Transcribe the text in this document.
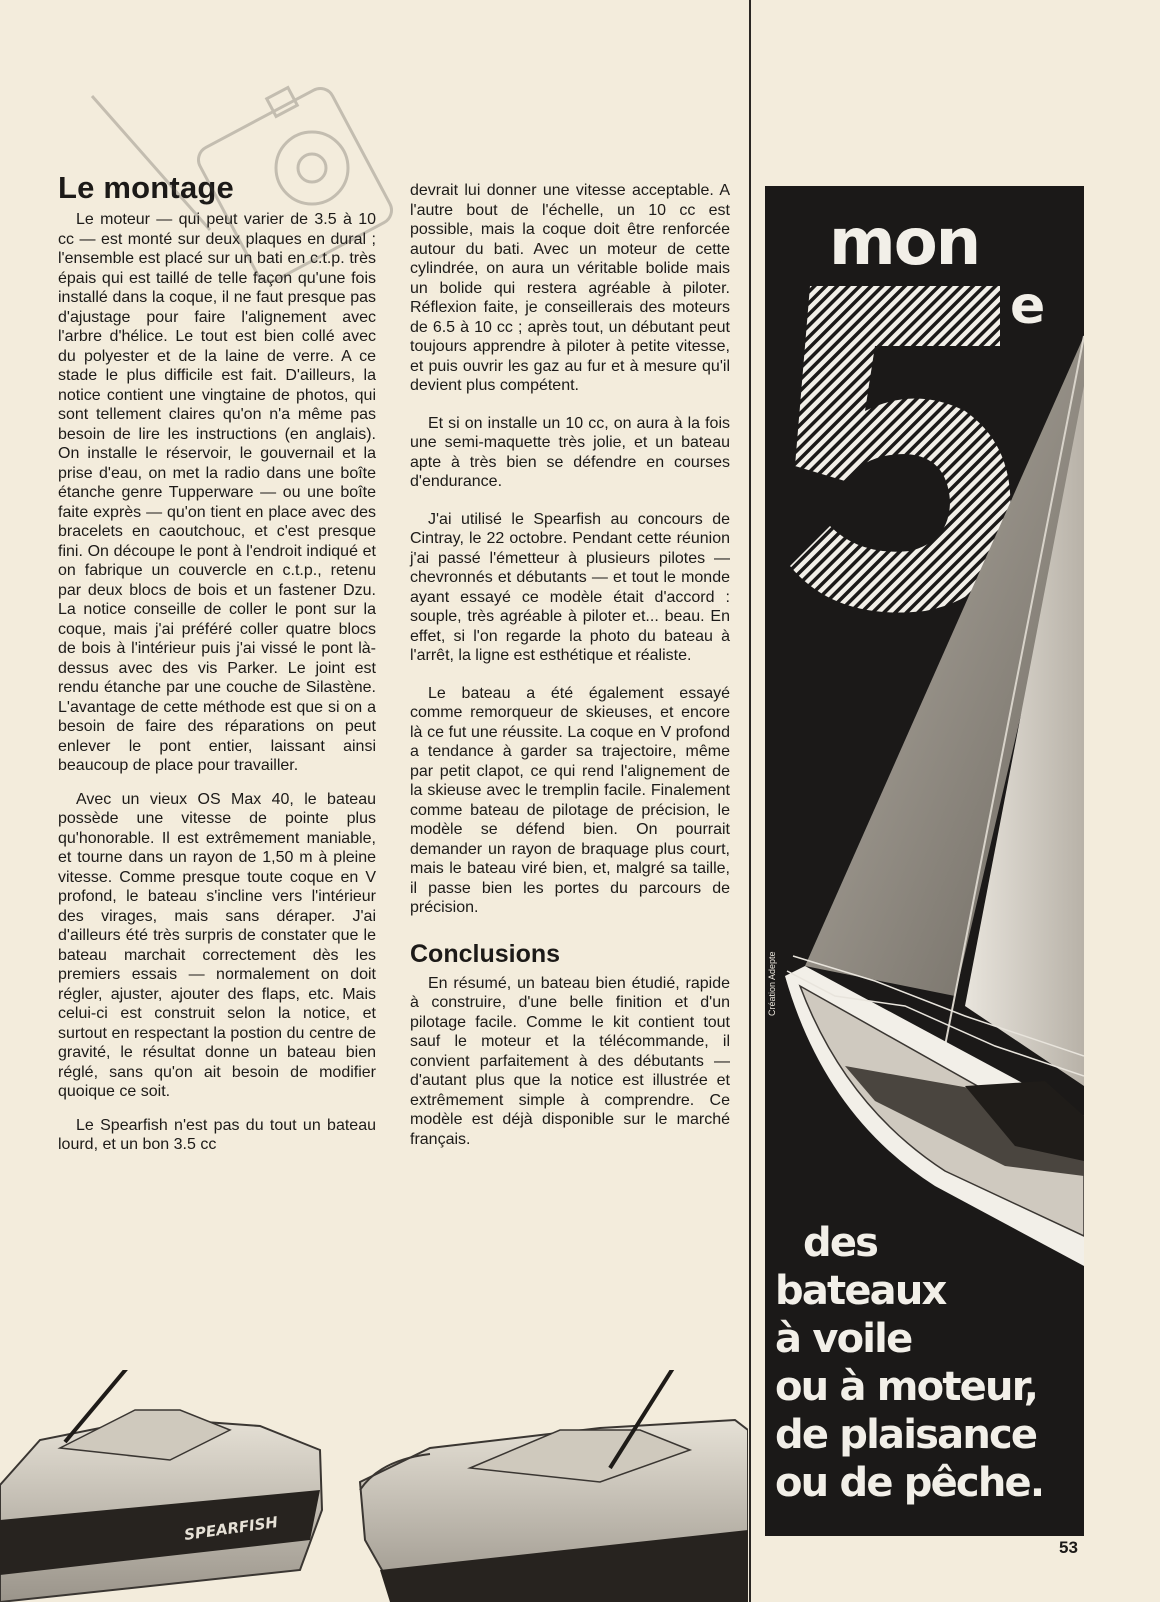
Le montage

Le moteur — qui peut varier de 3.5 à 10 cc — est monté sur deux plaques en dural ; l'ensemble est placé sur un bati en c.t.p. très épais qui est taillé de telle façon qu'une fois installé dans la coque, il ne faut presque pas d'ajustage pour faire l'alignement avec l'arbre d'hélice. Le tout est bien collé avec du polyester et de la laine de verre. A ce stade le plus difficile est fait. D'ailleurs, la notice contient une vingtaine de photos, qui sont tellement claires qu'on n'a même pas besoin de lire les instructions (en anglais). On installe le réservoir, le gouvernail et la prise d'eau, on met la radio dans une boîte étanche genre Tupperware — ou une boîte faite exprès — qu'on tient en place avec des bracelets en caoutchouc, et c'est presque fini. On découpe le pont à l'endroit indiqué et on fabrique un couvercle en c.t.p., retenu par deux blocs de bois et un fastener Dzu. La notice conseille de coller le pont sur la coque, mais j'ai préféré coller quatre blocs de bois à l'intérieur puis j'ai vissé le pont là-dessus avec des vis Parker. Le joint est rendu étanche par une couche de Silastène. L'avantage de cette méthode est que si on a besoin de faire des réparations on peut enlever le pont entier, laissant ainsi beaucoup de place pour travailler.

Avec un vieux OS Max 40, le bateau possède une vitesse de pointe plus qu'honorable. Il est extrêmement maniable, et tourne dans un rayon de 1,50 m à pleine vitesse. Comme presque toute coque en V profond, le bateau s'incline vers l'intérieur des virages, mais sans déraper. J'ai d'ailleurs été très surpris de constater que le bateau marchait correctement dès les premiers essais — normalement on doit régler, ajuster, ajouter des flaps, etc. Mais celui-ci est construit selon la notice, et surtout en respectant la postion du centre de gravité, le résultat donne un bateau bien réglé, sans qu'on ait besoin de modifier quoique ce soit.

Le Spearfish n'est pas du tout un bateau lourd, et un bon 3.5 cc

devrait lui donner une vitesse acceptable. A l'autre bout de l'échelle, un 10 cc est possible, mais la coque doit être renforcée autour du bati. Avec un moteur de cette cylindrée, on aura un véritable bolide mais un bolide qui restera agréable à piloter. Réflexion faite, je conseillerais des moteurs de 6.5 à 10 cc ; après tout, un débutant peut toujours apprendre à piloter à petite vitesse, et puis ouvrir les gaz au fur et à mesure qu'il devient plus compétent.

Et si on installe un 10 cc, on aura à la fois une semi-maquette très jolie, et un bateau apte à très bien se défendre en courses d'endurance.

J'ai utilisé le Spearfish au concours de Cintray, le 22 octobre. Pendant cette réunion j'ai passé l'émetteur à plusieurs pilotes — chevronnés et débutants — et tout le monde ayant essayé ce modèle était d'accord : souple, très agréable à piloter et... beau. En effet, si l'on regarde la photo du bateau à l'arrêt, la ligne est esthétique et réaliste.

Le bateau a été également essayé comme remorqueur de skieuses, et encore là ce fut une réussite. La coque en V profond a tendance à garder sa trajectoire, même par petit clapot, ce qui rend l'alignement de la skieuse avec le tremplin facile. Finalement comme bateau de pilotage de précision, le modèle se défend bien. On pourrait demander un rayon de braquage plus court, mais le bateau viré bien, et, malgré sa taille, il passe bien les portes du parcours de précision.

Conclusions

En résumé, un bateau bien étudié, rapide à construire, d'une belle finition et d'un pilotage facile. Comme le kit contient tout sauf le moteur et la télécommande, il convient parfaitement à des débutants — d'autant plus que la notice est illustrée et extrêmement simple à comprendre. Ce modèle est déjà disponible sur le marché français.

SPEARFISH
mon
e
Création Adepte
des
bateaux
à voile
ou à moteur,
de plaisance
ou de pêche.
53
